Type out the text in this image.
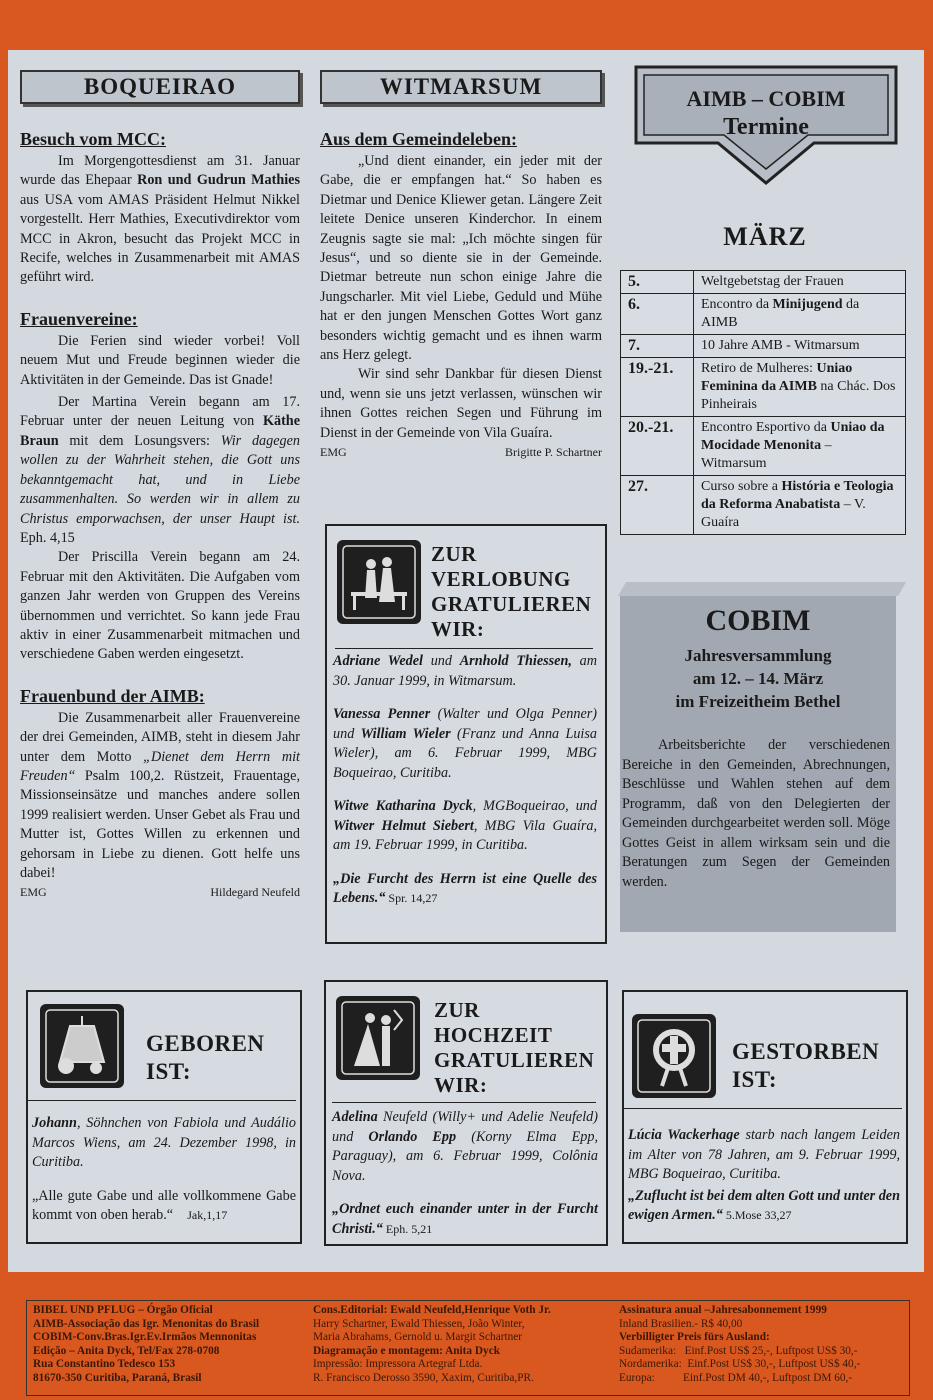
BOQUEIRAO
Besuch vom MCC:

Im Morgengottesdienst am 31. Januar wurde das Ehepaar Ron und Gudrun Mathies aus USA vom AMAS Präsident Helmut Nikkel vorgestellt. Herr Mathies, Executivdirektor vom MCC in Akron, besucht das Projekt MCC in Recife, welches in Zusammenarbeit mit AMAS geführt wird.

Frauenvereine:

Die Ferien sind wieder vorbei! Voll neuem Mut und Freude beginnen wieder die Aktivitäten in der Gemeinde. Das ist Gnade!

Der Martina Verein begann am 17. Februar unter der neuen Leitung von Käthe Braun mit dem Losungsvers: Wir dagegen wollen zu der Wahrheit stehen, die Gott uns bekanntgemacht hat, und in Liebe zusammenhalten. So werden wir in allem zu Christus emporwachsen, der unser Haupt ist. Eph. 4,15

Der Priscilla Verein begann am 24. Februar mit den Aktivitäten. Die Aufgaben vom ganzen Jahr werden von Gruppen des Vereins übernommen und verrichtet. So kann jede Frau aktiv in einer Zusammenarbeit mitmachen und verschiedene Gaben werden eingesetzt.

Frauenbund der AIMB:

Die Zusammenarbeit aller Frauenvereine der drei Gemeinden, AIMB, steht in diesem Jahr unter dem Motto „Dienet dem Herrn mit Freuden“ Psalm 100,2. Rüstzeit, Frauentage, Missionseinsätze und manches andere sollen 1999 realisiert werden. Unser Gebet als Frau und Mutter ist, Gottes Willen zu erkennen und gehorsam in Liebe zu dienen. Gott helfe uns dabei!

EMG	Hildegard Neufeld
WITMARSUM
Aus dem Gemeindeleben:

„Und dient einander, ein jeder mit der Gabe, die er empfangen hat.“ So haben es Dietmar und Denice Kliewer getan. Längere Zeit leitete Denice unseren Kinderchor. In einem Zeugnis sagte sie mal: „Ich möchte singen für Jesus“, und so diente sie in der Gemeinde. Dietmar betreute nun schon einige Jahre die Jungscharler. Mit viel Liebe, Geduld und Mühe hat er den jungen Menschen Gottes Wort ganz besonders wichtig gemacht und es ihnen warm ans Herz gelegt.

Wir sind sehr Dankbar für diesen Dienst und, wenn sie uns jetzt verlassen, wünschen wir ihnen Gottes reichen Segen und Führung im Dienst in der Gemeinde von Vila Guaíra.

EMG	Brigitte P. Schartner
AIMB – COBIM
Termine
MÄRZ
5.	Weltgebetstag der Frauen
6.	Encontro da Minijugend da AIMB
7.	10 Jahre AMB - Witmarsum
19.-21.	Retiro de Mulheres: Uniao Feminina da AIMB na Chác. Dos Pinheirais
20.-21.	Encontro Esportivo da Uniao da Mocidade Menonita – Witmarsum
27.	Curso sobre a História e Teologia da Reforma Anabatista – V. Guaíra
COBIM
Jahresversammlung
am 12. – 14. März
im Freizeitheim Bethel
Arbeitsberichte der verschiedenen Bereiche in den Gemeinden, Abrechnungen, Beschlüsse und Wahlen stehen auf dem Programm, daß von den Delegierten der Gemeinden durchgearbeitet werden soll. Möge Gottes Geist in allem wirksam sein und die Beratungen zum Segen der Gemeinden werden.
ZUR
VERLOBUNG
GRATULIEREN
WIR:

Adriane Wedel und Arnhold Thiessen, am 30. Januar 1999, in Witmarsum.

Vanessa Penner (Walter und Olga Penner) und William Wieler (Franz und Anna Luisa Wieler), am 6. Februar 1999, MBG Boqueirao, Curitiba.

Witwe Katharina Dyck, MGBoqueirao, und Witwer Helmut Siebert, MBG Vila Guaíra, am 19. Februar 1999, in Curitiba.

„Die Furcht des Herrn ist eine Quelle des Lebens.“ Spr. 14,27

GEBOREN
IST:

Johann, Söhnchen von Fabiola und Audálio Marcos Wiens, am 24. Dezember 1998, in Curitiba.

„Alle gute Gabe und alle vollkommene Gabe kommt von oben herab.“ Jak,1,17

ZUR
HOCHZEIT
GRATULIEREN
WIR:

Adelina Neufeld (Willy+ und Adelie Neufeld) und Orlando Epp (Korny Elma Epp, Paraguay), am 6. Februar 1999, Colônia Nova.

„Ordnet euch einander unter in der Furcht Christi.“ Eph. 5,21

GESTORBEN
IST:

Lúcia Wackerhage starb nach langem Leiden im Alter von 78 Jahren, am 9. Februar 1999, MBG Boqueirao, Curitiba.

„Zuflucht ist bei dem alten Gott und unter den ewigen Armen.“ 5.Mose 33,27

BIBEL UND PFLUG – Órgão Oficial
AIMB-Associação das Igr. Menonitas do Brasil
COBIM-Conv.Bras.Igr.Ev.Irmãos Mennonitas
Edição – Anita Dyck, Tel/Fax 278-0708
Rua Constantino Tedesco 153
81670-350 Curitiba, Paraná, Brasil
Cons.Editorial: Ewald Neufeld,Henrique Voth Jr.
Harry Schartner, Ewald Thiessen, João Winter,
Maria Abrahams, Gernold u. Margit Schartner
Diagramação e montagem: Anita Dyck
Impressão: Impressora Artegraf Ltda.
R. Francisco Derosso 3590, Xaxim, Curitiba,PR.
Assinatura anual –Jahresabonnement 1999
Inland Brasilien.- R$ 40,00
Verbilligter Preis fürs Ausland:
Sudamerika:   Einf.Post US$ 25,-, Luftpost US$ 30,-
Nordamerika:  Einf.Post US$ 30,-, Luftpost US$ 40,-
Europa:          Einf.Post DM 40,-, Luftpost DM 60,-
